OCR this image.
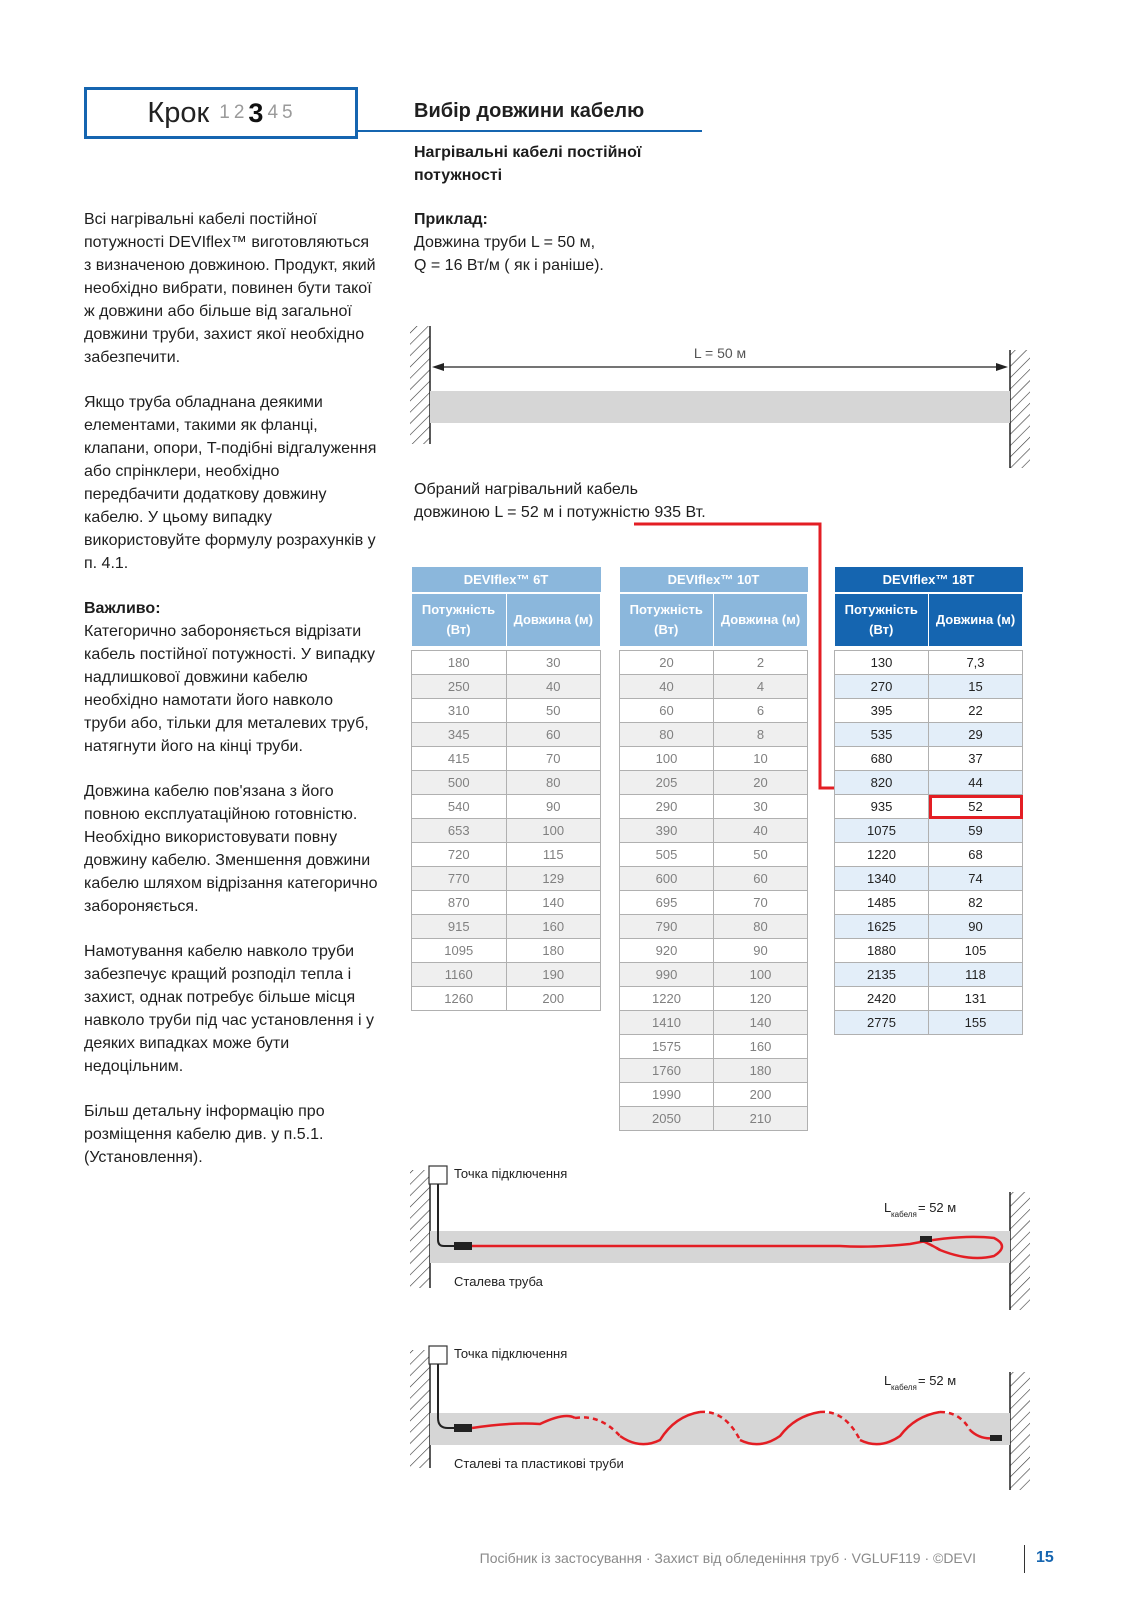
Крок 1 2 3 4 5	Вибір довжини кабелю
Нагрівальні кабелі постійної потужності

Всі нагрівальні кабелі постійної потужності DEVIflex™ виготовляються з визначеною довжиною. Продукт, який необхідно вибрати, повинен бути такої ж довжини або більше від загальної довжини труби, захист якої необхідно забезпечити.

Якщо труба обладнана деякими елементами, такими як фланці, клапани, опори, T-подібні відгалуження або спрінклери, необхідно передбачити додаткову довжину кабелю. У цьому випадку використовуйте формулу розрахунків у п. 4.1.

Важливо:
Категорично забороняється відрізати кабель постійної потужності. У випадку надлишкової довжини кабелю необхідно намотати його навколо труби або, тільки для металевих труб, натягнути його на кінці труби.

Довжина кабелю пов'язана з його повною експлуатаційною готовністю. Необхідно використовувати повну довжину кабелю. Зменшення довжини кабелю шляхом відрізання категорично забороняється.

Намотування кабелю навколо труби забезпечує кращий розподіл тепла і захист, однак потребує більше місця навколо труби під час установлення і у деяких випадках може бути недоцільним.

Більш детальну інформацію про розміщення кабелю див. у п.5.1. (Установлення).

Приклад:
Довжина труби L = 50 м,
Q = 16 Вт/м ( як і раніше).
L = 50 м
Обраний нагрівальний кабель довжиною L = 52 м і потужністю 935 Вт.
DEVIflex™ 6T	
Потужність (Вт)	Довжина (м)

180	30
250	40
310	50
345	60
415	70
500	80
540	90
653	100
720	115
770	129
870	140
915	160
1095	180
1160	190
1260	200
DEVIflex™ 10T	
Потужність (Вт)	Довжина (м)

20	2
40	4
60	6
80	8
100	10
205	20
290	30
390	40
505	50
600	60
695	70
790	80
920	90
990	100
1220	120
1410	140
1575	160
1760	180
1990	200
2050	210
DEVIflex™ 18T	
Потужність (Вт)	Довжина (м)

130	7,3
270	15
395	22
535	29
680	37
820	44
935	52
1075	59
1220	68
1340	74
1485	82
1625	90
1880	105
2135	118
2420	131
2775	155
Точка підключення
Сталева труба
L кабеля = 52 м
Точка підключення
Сталеві та пластикові труби
L кабеля = 52 м
Посібник із застосування · Захист від обледеніння труб · VGLUF119 · ©DEVI	15
